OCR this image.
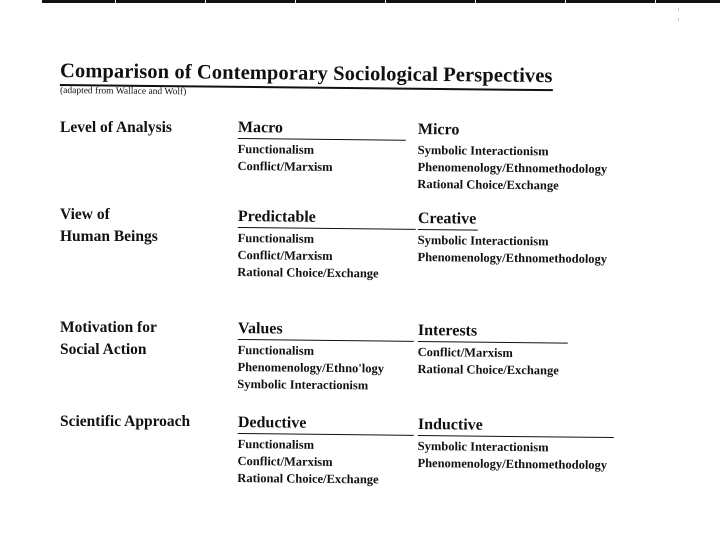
Comparison of Contemporary Sociological Perspectives
(adapted from Wallace and Wolf)
Level of Analysis	Macro
Functionalism
Conflict/Marxism
Micro
Symbolic Interactionism
Phenomenology/Ethnomethodology
Rational Choice/Exchange
View of
Human Beings
Predictable
Functionalism
Conflict/Marxism
Rational Choice/Exchange
Creative
Symbolic Interactionism
Phenomenology/Ethnomethodology
Motivation for
Social Action
Values
Functionalism
Phenomenology/Ethno'logy
Symbolic Interactionism
Interests
Conflict/Marxism
Rational Choice/Exchange
Scientific Approach	Deductive
Functionalism
Conflict/Marxism
Rational Choice/Exchange
Inductive
Symbolic Interactionism
Phenomenology/Ethnomethodology
